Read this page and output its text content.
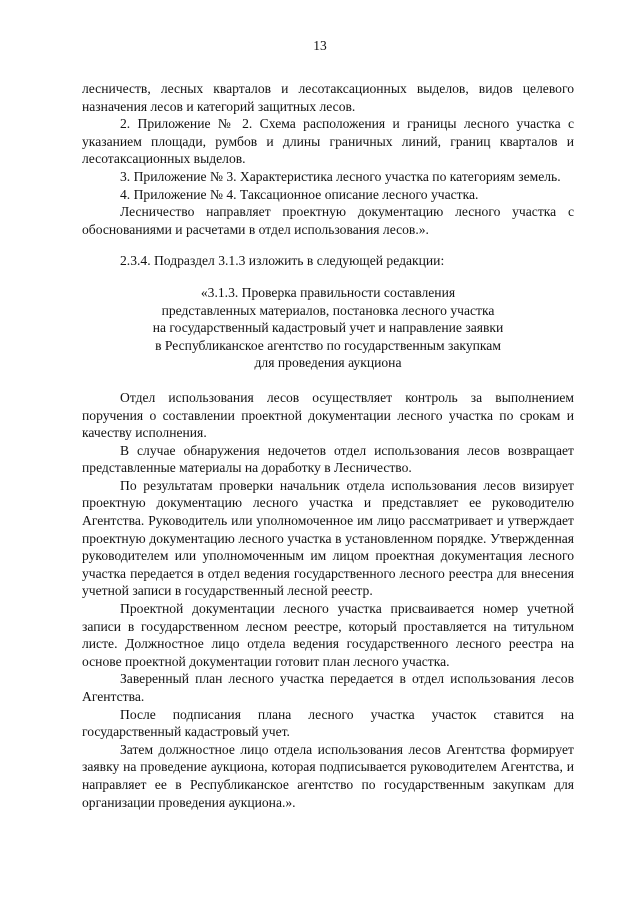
13

лесничеств, лесных кварталов и лесотаксационных выделов, видов целевого назначения лесов и категорий защитных лесов.

2. Приложение № 2. Схема расположения и границы лесного участка с указанием площади, румбов и длины граничных линий, границ кварталов и лесотаксационных выделов.

3. Приложение № 3. Характеристика лесного участка по категориям земель.

4. Приложение № 4. Таксационное описание лесного участка.

Лесничество направляет проектную документацию лесного участка с обоснованиями и расчетами в отдел использования лесов.».

2.3.4. Подраздел 3.1.3 изложить в следующей редакции:

«3.1.3. Проверка правильности составления
представленных материалов, постановка лесного участка
на государственный кадастровый учет и направление заявки
в Республиканское агентство по государственным закупкам
для проведения аукциона

Отдел использования лесов осуществляет контроль за выполнением поручения о составлении проектной документации лесного участка по срокам и качеству исполнения.

В случае обнаружения недочетов отдел использования лесов возвращает представленные материалы на доработку в Лесничество.

По результатам проверки начальник отдела использования лесов визирует проектную документацию лесного участка и представляет ее руководителю Агентства. Руководитель или уполномоченное им лицо рассматривает и утверждает проектную документацию лесного участка в установленном порядке. Утвержденная руководителем или уполномоченным им лицом проектная документация лесного участка передается в отдел ведения государственного лесного реестра для внесения учетной записи в государственный лесной реестр.

Проектной документации лесного участка присваивается номер учетной записи в государственном лесном реестре, который проставляется на титульном листе. Должностное лицо отдела ведения государственного лесного реестра на основе проектной документации готовит план лесного участка.

Заверенный план лесного участка передается в отдел использования лесов Агентства.

После подписания плана лесного участка участок ставится на государственный кадастровый учет.

Затем должностное лицо отдела использования лесов Агентства формирует заявку на проведение аукциона, которая подписывается руководителем Агентства, и направляет ее в Республиканское агентство по государственным закупкам для организации проведения аукциона.».
